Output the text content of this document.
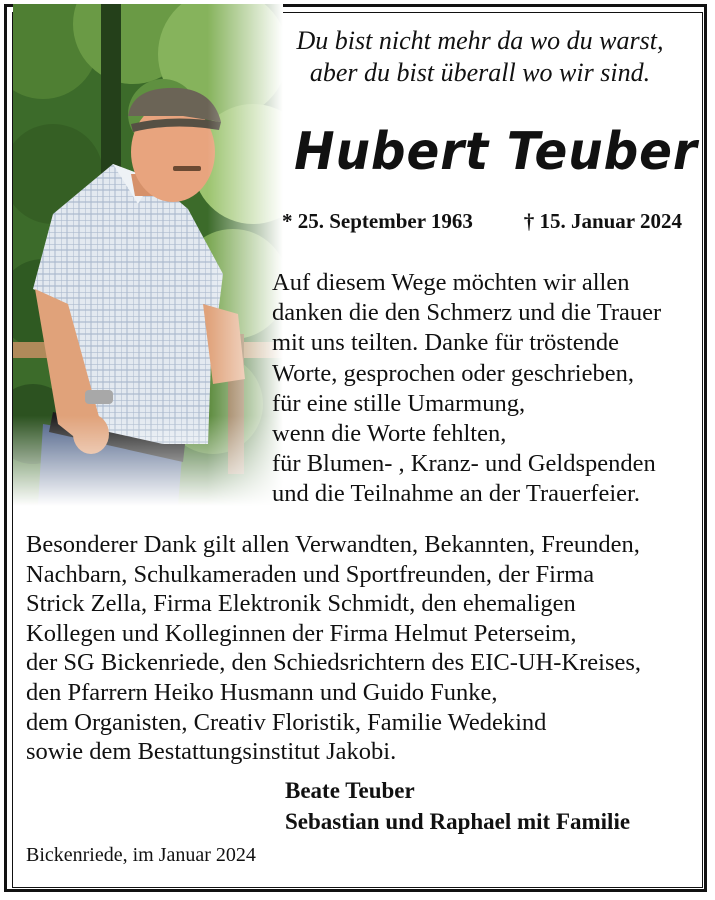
Du bist nicht mehr da wo du warst,
aber du bist überall wo wir sind.
Hubert Teuber
* 25. September 1963 † 15. Januar 2024
Auf diesem Wege möchten wir allen
danken die den Schmerz und die Trauer
mit uns teilten. Danke für tröstende
Worte, gesprochen oder geschrieben,
für eine stille Umarmung,
wenn die Worte fehlten,
für Blumen- , Kranz- und Geldspenden
und die Teilnahme an der Trauerfeier.
Besonderer Dank gilt allen Verwandten, Bekannten, Freunden,
Nachbarn, Schulkameraden und Sportfreunden, der Firma
Strick Zella, Firma Elektronik Schmidt, den ehemaligen
Kollegen und Kolleginnen der Firma Helmut Peterseim,
der SG Bickenriede, den Schiedsrichtern des EIC-UH-Kreises,
den Pfarrern Heiko Husmann und Guido Funke,
dem Organisten, Creativ Floristik, Familie Wedekind
sowie dem Bestattungsinstitut Jakobi.
Beate Teuber
Sebastian und Raphael mit Familie
Bickenriede, im Januar 2024
